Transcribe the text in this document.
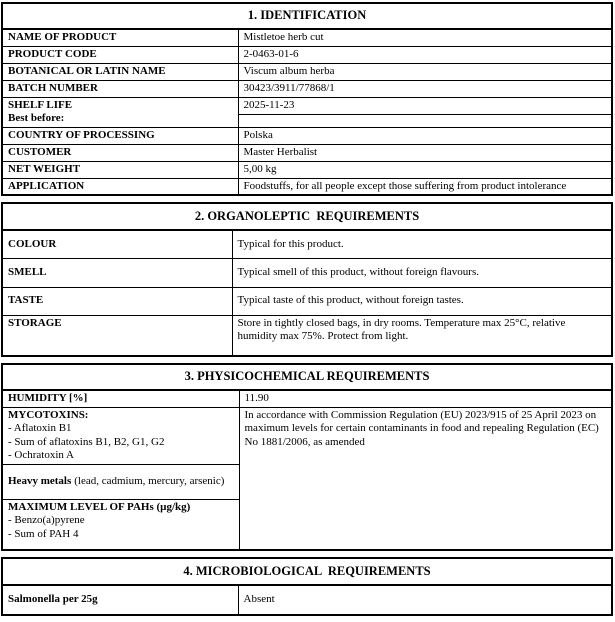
1. IDENTIFICATION	
NAME OF PRODUCT	Mistletoe herb cut
PRODUCT CODE	2-0463-01-6
BOTANICAL OR LATIN NAME	Viscum album herba
BATCH NUMBER	30423/3911/77868/1

SHELF LIFE
Best before:	2025-11-23

COUNTRY OF PROCESSING	Polska
CUSTOMER	Master Herbalist
NET WEIGHT	5,00 kg
APPLICATION	Foodstuffs, for all people except those suffering from product intolerance
2. ORGANOLEPTIC  REQUIREMENTS	
COLOUR	Typical for this product.
SMELL	Typical smell of this product, without foreign flavours.
TASTE	Typical taste of this product, without foreign tastes.
STORAGE	Store in tightly closed bags, in dry rooms. Temperature max 25°C, relative humidity max 75%. Protect from light.
3. PHYSICOCHEMICAL REQUIREMENTS	
HUMIDITY [%]	11.90

MYCOTOXINS:
- Aflatoxin B1
- Sum of aflatoxins B1, B2, G1, G2
- Ochratoxin A	In accordance with Commission Regulation (EU) 2023/915 of 25 April 2023 on maximum levels for certain contaminants in food and repealing Regulation (EC) No 1881/2006, as amended

Heavy metals (lead, cadmium, mercury, arsenic)	

MAXIMUM LEVEL OF PAHs (µg/kg)
- Benzo(a)pyrene
- Sum of PAH 4	
4. MICROBIOLOGICAL  REQUIREMENTS
Salmonella per 25g	Absent
